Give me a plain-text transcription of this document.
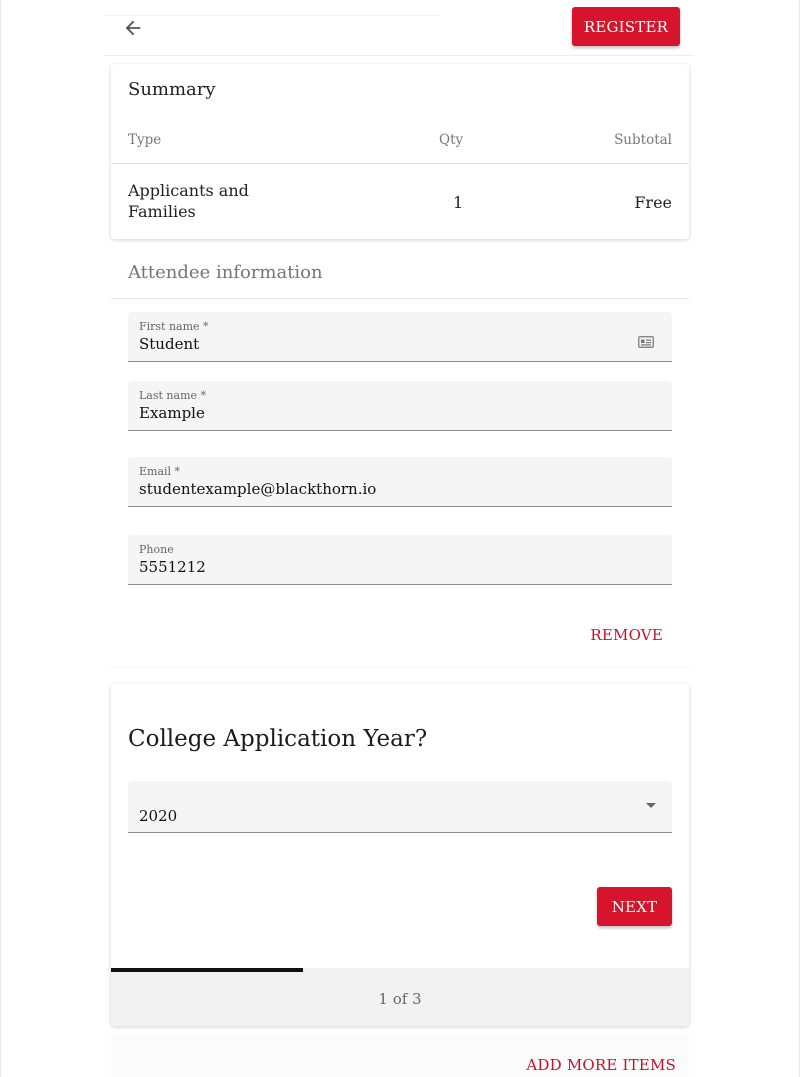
REGISTER
Summary
Type	Qty	Subtotal
Applicants and Families	1	Free
Attendee information
First name *
Student
Last name *
Example
Email *
studentexample@blackthorn.io
Phone
5551212
REMOVE
College Application Year?
2020
NEXT
1 of 3
ADD MORE ITEMS
